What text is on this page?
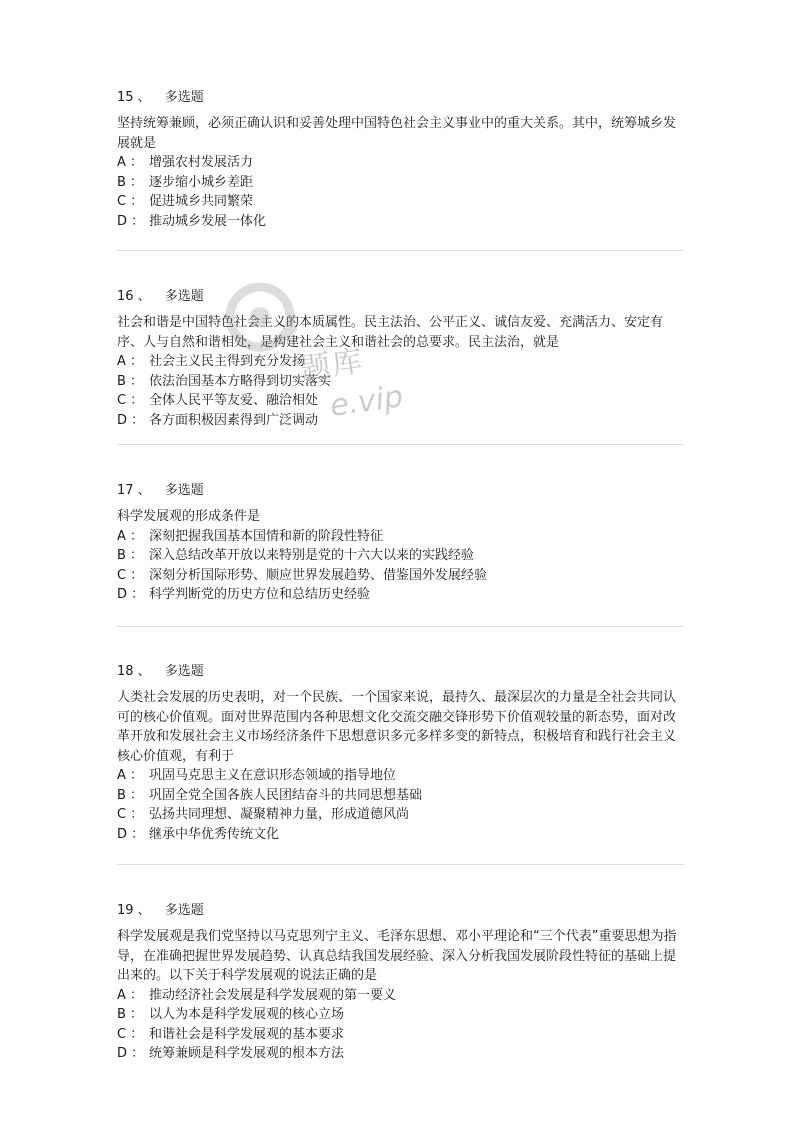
15 、 多选题

坚持统筹兼顾，必须正确认识和妥善处理中国特色社会主义事业中的重大关系。其中，统筹城乡发展就是

A ： 增强农村发展活力
B ： 逐步缩小城乡差距
C ： 促进城乡共同繁荣
D ： 推动城乡发展一体化
16 、 多选题

社会和谐是中国特色社会主义的本质属性。民主法治、公平正义、诚信友爱、充满活力、安定有序、人与自然和谐相处，是构建社会主义和谐社会的总要求。民主法治，就是

A ： 社会主义民主得到充分发扬
B ： 依法治国基本方略得到切实落实
C ： 全体人民平等友爱、融洽相处
D ： 各方面积极因素得到广泛调动
17 、 多选题

科学发展观的形成条件是

A ： 深刻把握我国基本国情和新的阶段性特征
B ： 深入总结改革开放以来特别是党的十六大以来的实践经验
C ： 深刻分析国际形势、顺应世界发展趋势、借鉴国外发展经验
D ： 科学判断党的历史方位和总结历史经验
18 、 多选题

人类社会发展的历史表明，对一个民族、一个国家来说，最持久、最深层次的力量是全社会共同认可的核心价值观。面对世界范围内各种思想文化交流交融交锋形势下价值观较量的新态势，面对改革开放和发展社会主义市场经济条件下思想意识多元多样多变的新特点，积极培育和践行社会主义核心价值观，有利于

A ： 巩固马克思主义在意识形态领域的指导地位
B ： 巩固全党全国各族人民团结奋斗的共同思想基础
C ： 弘扬共同理想、凝聚精神力量，形成道德风尚
D ： 继承中华优秀传统文化
19 、 多选题

科学发展观是我们党坚持以马克思列宁主义、毛泽东思想、邓小平理论和“三个代表”重要思想为指导，在准确把握世界发展趋势、认真总结我国发展经验、深入分析我国发展阶段性特征的基础上提出来的。以下关于科学发展观的说法正确的是

A ： 推动经济社会发展是科学发展观的第一要义
B ： 以人为本是科学发展观的核心立场
C ： 和谐社会是科学发展观的基本要求
D ： 统筹兼顾是科学发展观的根本方法
题库
e.vip
